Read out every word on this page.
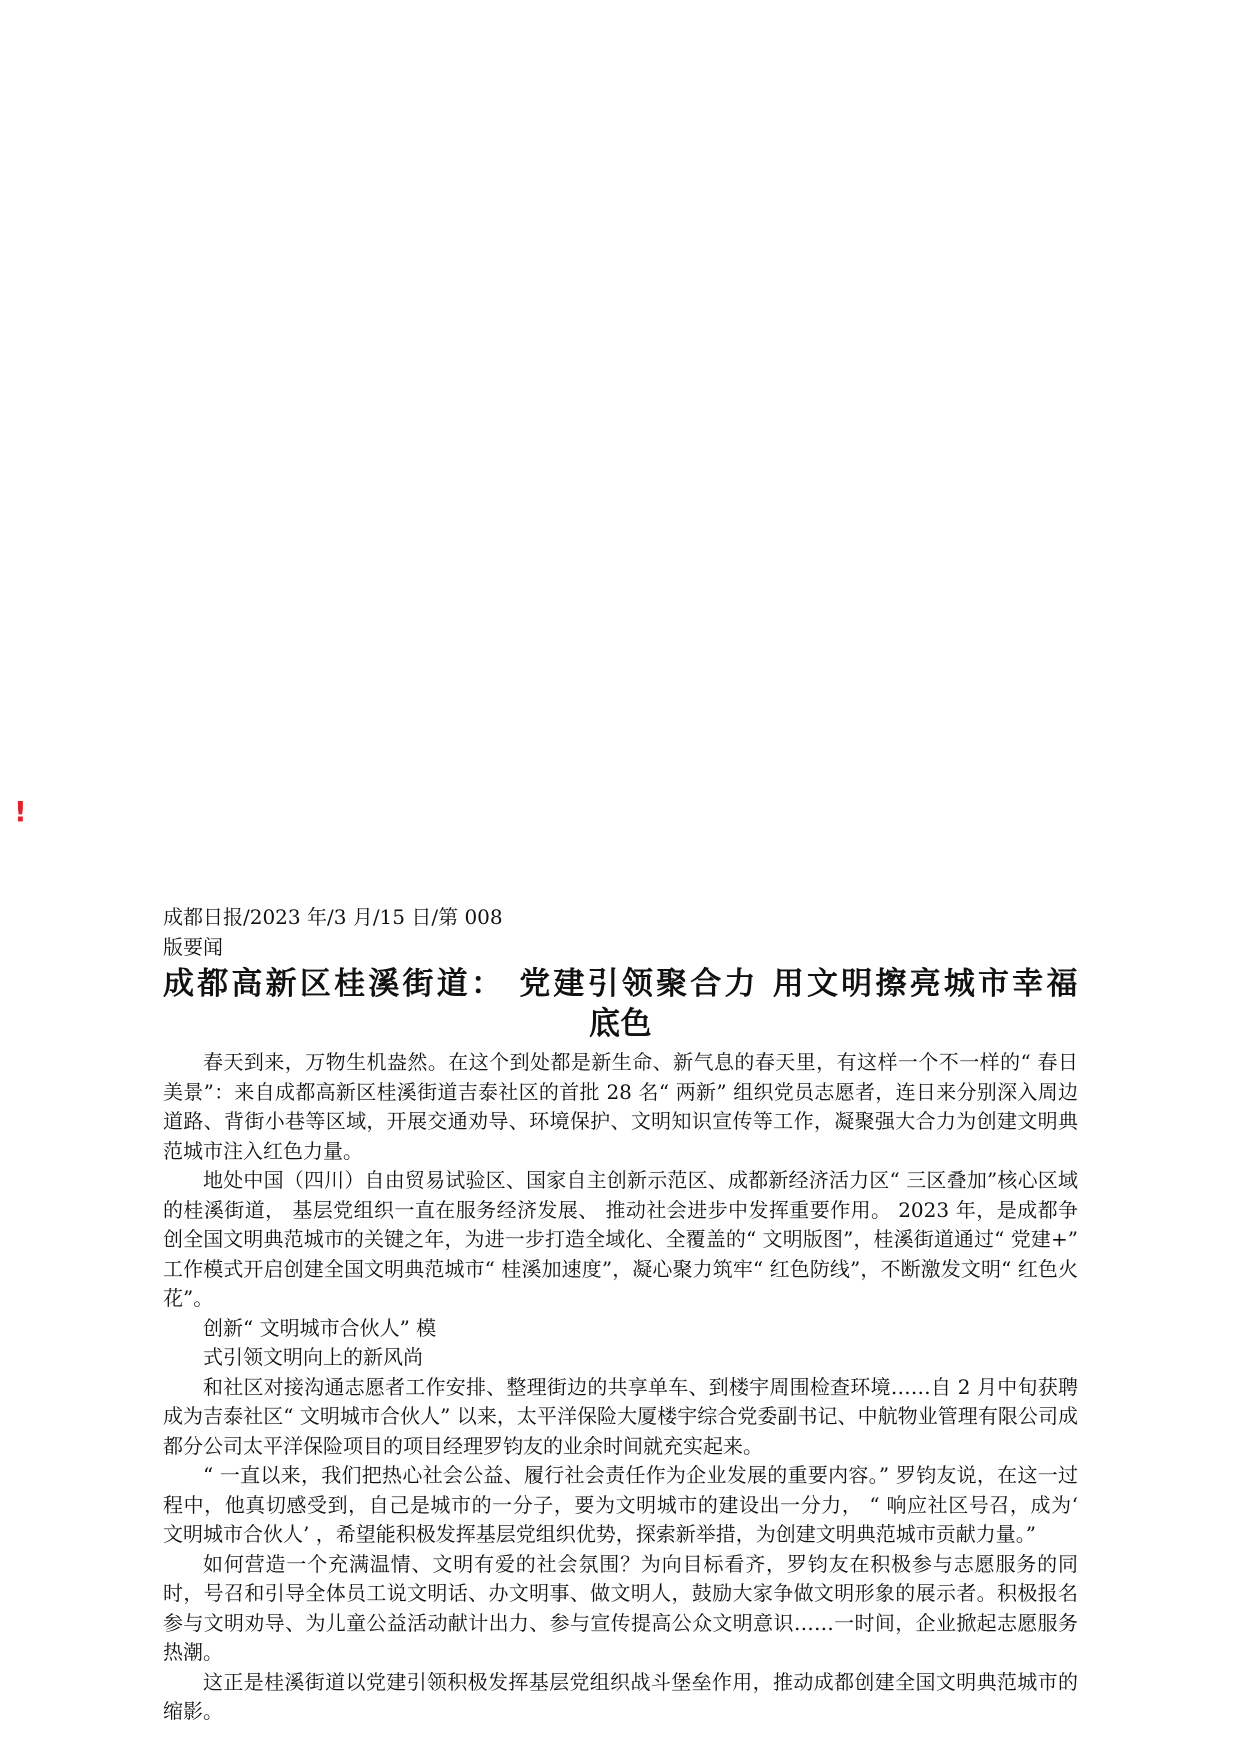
!
成都日报/2023 年/3 月/15 日/第 008
版要闻
成都高新区桂溪街道： 党建引领聚合力 用文明擦亮城市幸福
底色

春天到来，万物生机盎然。在这个到处都是新生命、新气息的春天里，有这样一个不一样的“ 春日美景”：来自成都高新区桂溪街道吉泰社区的首批 28 名“ 两新” 组织党员志愿者，连日来分别深入周边道路、背街小巷等区域，开展交通劝导、环境保护、文明知识宣传等工作，凝聚强大合力为创建文明典范城市注入红色力量。

地处中国（四川）自由贸易试验区、国家自主创新示范区、成都新经济活力区“ 三区叠加”核心区域的桂溪街道， 基层党组织一直在服务经济发展、 推动社会进步中发挥重要作用。 2023 年，是成都争创全国文明典范城市的关键之年，为进一步打造全域化、全覆盖的“ 文明版图”，桂溪街道通过“ 党建+” 工作模式开启创建全国文明典范城市“ 桂溪加速度”，凝心聚力筑牢“ 红色防线”，不断激发文明“ 红色火花”。

创新“ 文明城市合伙人” 模

式引领文明向上的新风尚

和社区对接沟通志愿者工作安排、整理街边的共享单车、到楼宇周围检查环境……自 2 月中旬获聘成为吉泰社区“ 文明城市合伙人” 以来，太平洋保险大厦楼宇综合党委副书记、中航物业管理有限公司成都分公司太平洋保险项目的项目经理罗钧友的业余时间就充实起来。

“ 一直以来，我们把热心社会公益、履行社会责任作为企业发展的重要内容。” 罗钧友说，在这一过程中，他真切感受到，自己是城市的一分子，要为文明城市的建设出一分力， “ 响应社区号召，成为‘ 文明城市合伙人’ ，希望能积极发挥基层党组织优势，探索新举措，为创建文明典范城市贡献力量。”

如何营造一个充满温情、文明有爱的社会氛围？为向目标看齐，罗钧友在积极参与志愿服务的同时，号召和引导全体员工说文明话、办文明事、做文明人，鼓励大家争做文明形象的展示者。积极报名参与文明劝导、为儿童公益活动献计出力、参与宣传提高公众文明意识……一时间，企业掀起志愿服务热潮。

这正是桂溪街道以党建引领积极发挥基层党组织战斗堡垒作用，推动成都创建全国文明典范城市的缩影。
